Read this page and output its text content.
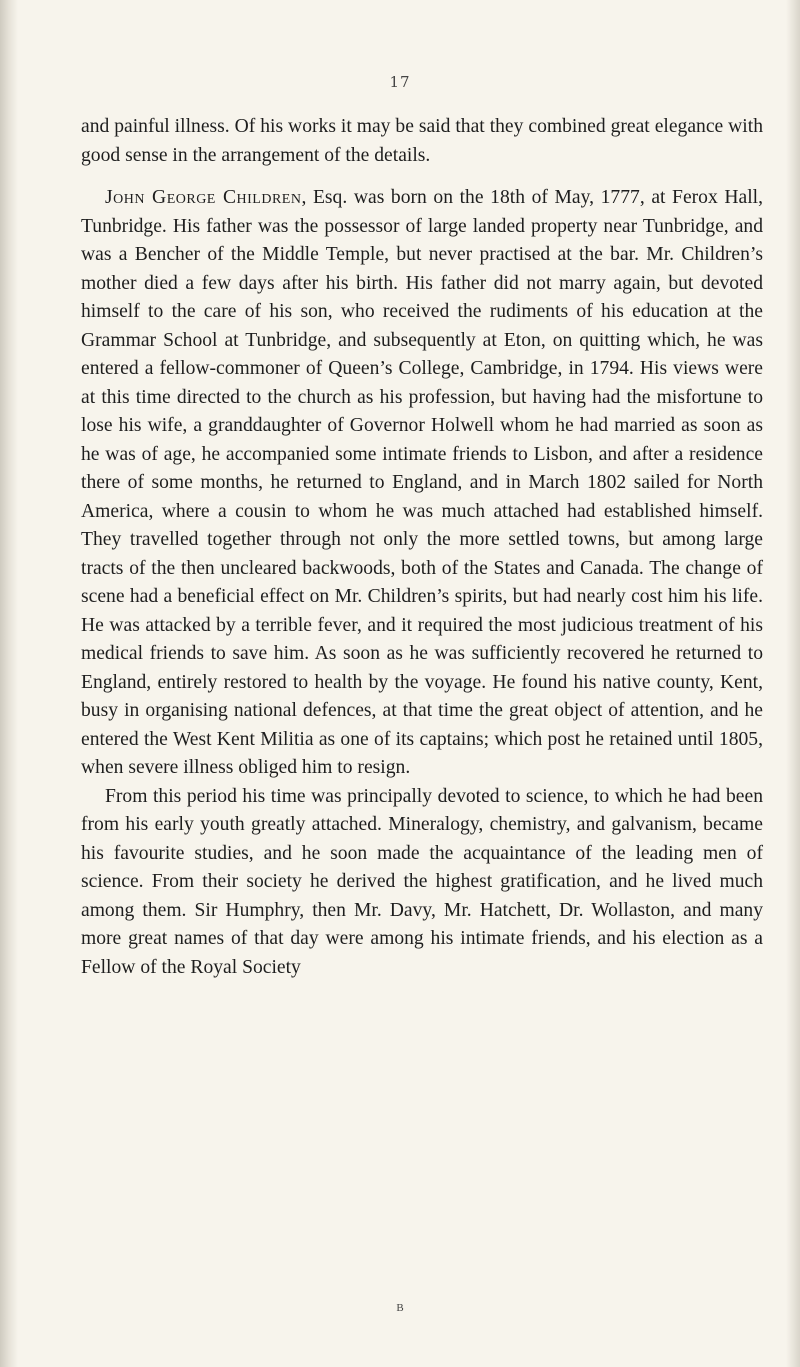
17

and painful illness. Of his works it may be said that they combined great elegance with good sense in the arrangement of the details.

John George Children, Esq. was born on the 18th of May, 1777, at Ferox Hall, Tunbridge. His father was the possessor of large landed property near Tunbridge, and was a Bencher of the Middle Temple, but never practised at the bar. Mr. Children’s mother died a few days after his birth. His father did not marry again, but devoted himself to the care of his son, who received the rudiments of his education at the Grammar School at Tunbridge, and subsequently at Eton, on quitting which, he was entered a fellow-commoner of Queen’s College, Cambridge, in 1794. His views were at this time directed to the church as his profession, but having had the misfortune to lose his wife, a granddaughter of Governor Holwell whom he had married as soon as he was of age, he accompanied some intimate friends to Lisbon, and after a residence there of some months, he returned to England, and in March 1802 sailed for North America, where a cousin to whom he was much attached had established himself. They travelled together through not only the more settled towns, but among large tracts of the then uncleared backwoods, both of the States and Canada. The change of scene had a beneficial effect on Mr. Children’s spirits, but had nearly cost him his life. He was attacked by a terrible fever, and it required the most judicious treatment of his medical friends to save him. As soon as he was sufficiently recovered he returned to England, entirely restored to health by the voyage. He found his native county, Kent, busy in organising national defences, at that time the great object of attention, and he entered the West Kent Militia as one of its captains; which post he retained until 1805, when severe illness obliged him to resign.

From this period his time was principally devoted to science, to which he had been from his early youth greatly attached. Mineralogy, chemistry, and galvanism, became his favourite studies, and he soon made the acquaintance of the leading men of science. From their society he derived the highest gratification, and he lived much among them. Sir Humphry, then Mr. Davy, Mr. Hatchett, Dr. Wollaston, and many more great names of that day were among his intimate friends, and his election as a Fellow of the Royal Society

B
